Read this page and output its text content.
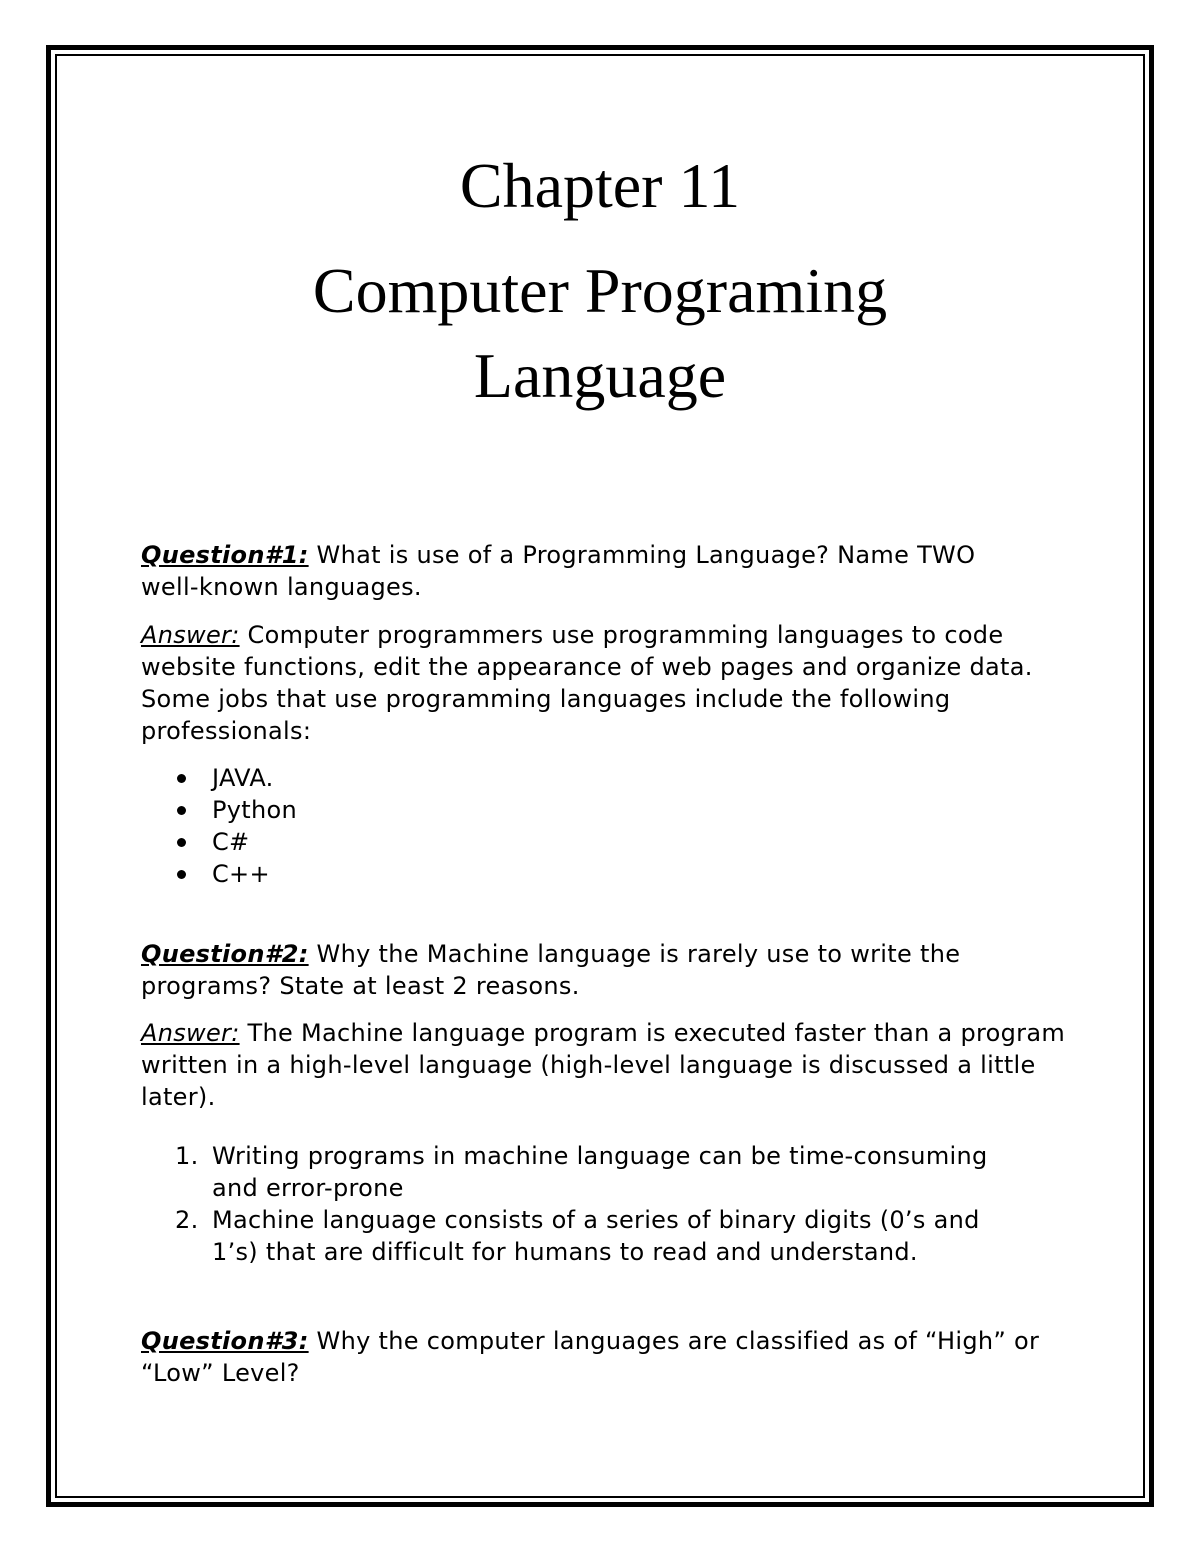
Chapter 11
Computer Programing
Language

Question#1: What is use of a Programming Language? Name TWO well-known languages.

Answer: Computer programmers use programming languages to code website functions, edit the appearance of web pages and organize data. Some jobs that use programming languages include the following professionals:

JAVA.
Python
C#
C++

Question#2: Why the Machine language is rarely use to write the programs? State at least 2 reasons.

Answer: The Machine language program is executed faster than a program written in a high-level language (high-level language is discussed a little later).

1. Writing programs in machine language can be time-consuming and error-prone
2. Machine language consists of a series of binary digits (0’s and 1’s) that are difficult for humans to read and understand.

Question#3: Why the computer languages are classified as of “High” or “Low” Level?
